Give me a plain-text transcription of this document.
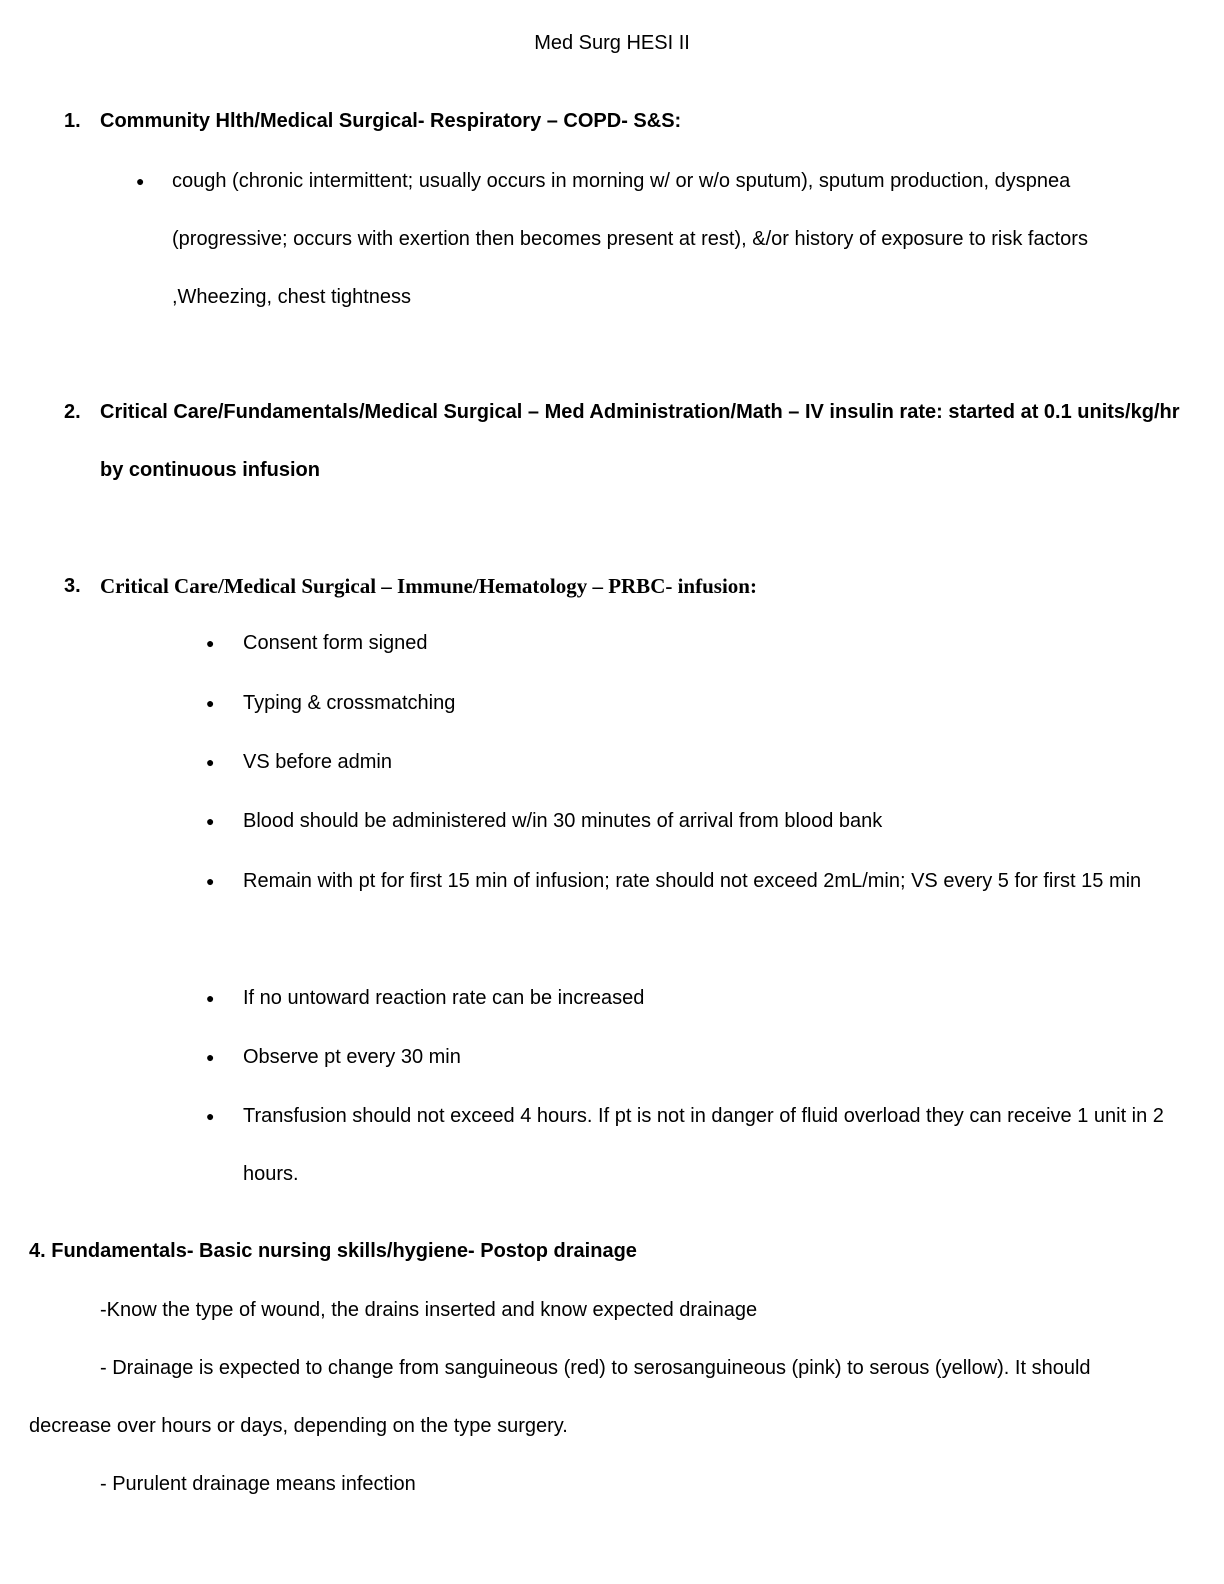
Med Surg HESI II
1. Community Hlth/Medical Surgical- Respiratory – COPD- S&S:
● cough (chronic intermittent; usually occurs in morning w/ or w/o sputum), sputum production, dyspnea (progressive; occurs with exertion then becomes present at rest), &/or history of exposure to risk factors ,Wheezing, chest tightness
2. Critical Care/Fundamentals/Medical Surgical – Med Administration/Math – IV insulin rate: started at 0.1 units/kg/hr by continuous infusion
3. Critical Care/Medical Surgical – Immune/Hematology – PRBC- infusion:
● Consent form signed
● Typing & crossmatching
● VS before admin
● Blood should be administered w/in 30 minutes of arrival from blood bank
● Remain with pt for first 15 min of infusion; rate should not exceed 2mL/min; VS every 5 for first 15 min
● If no untoward reaction rate can be increased
● Observe pt every 30 min
● Transfusion should not exceed 4 hours. If pt is not in danger of fluid overload they can receive 1 unit in 2 hours.
4. Fundamentals- Basic nursing skills/hygiene- Postop drainage
-Know the type of wound, the drains inserted and know expected drainage
- Drainage is expected to change from sanguineous (red) to serosanguineous (pink) to serous (yellow). It should decrease over hours or days, depending on the type surgery.
- Purulent drainage means infection
